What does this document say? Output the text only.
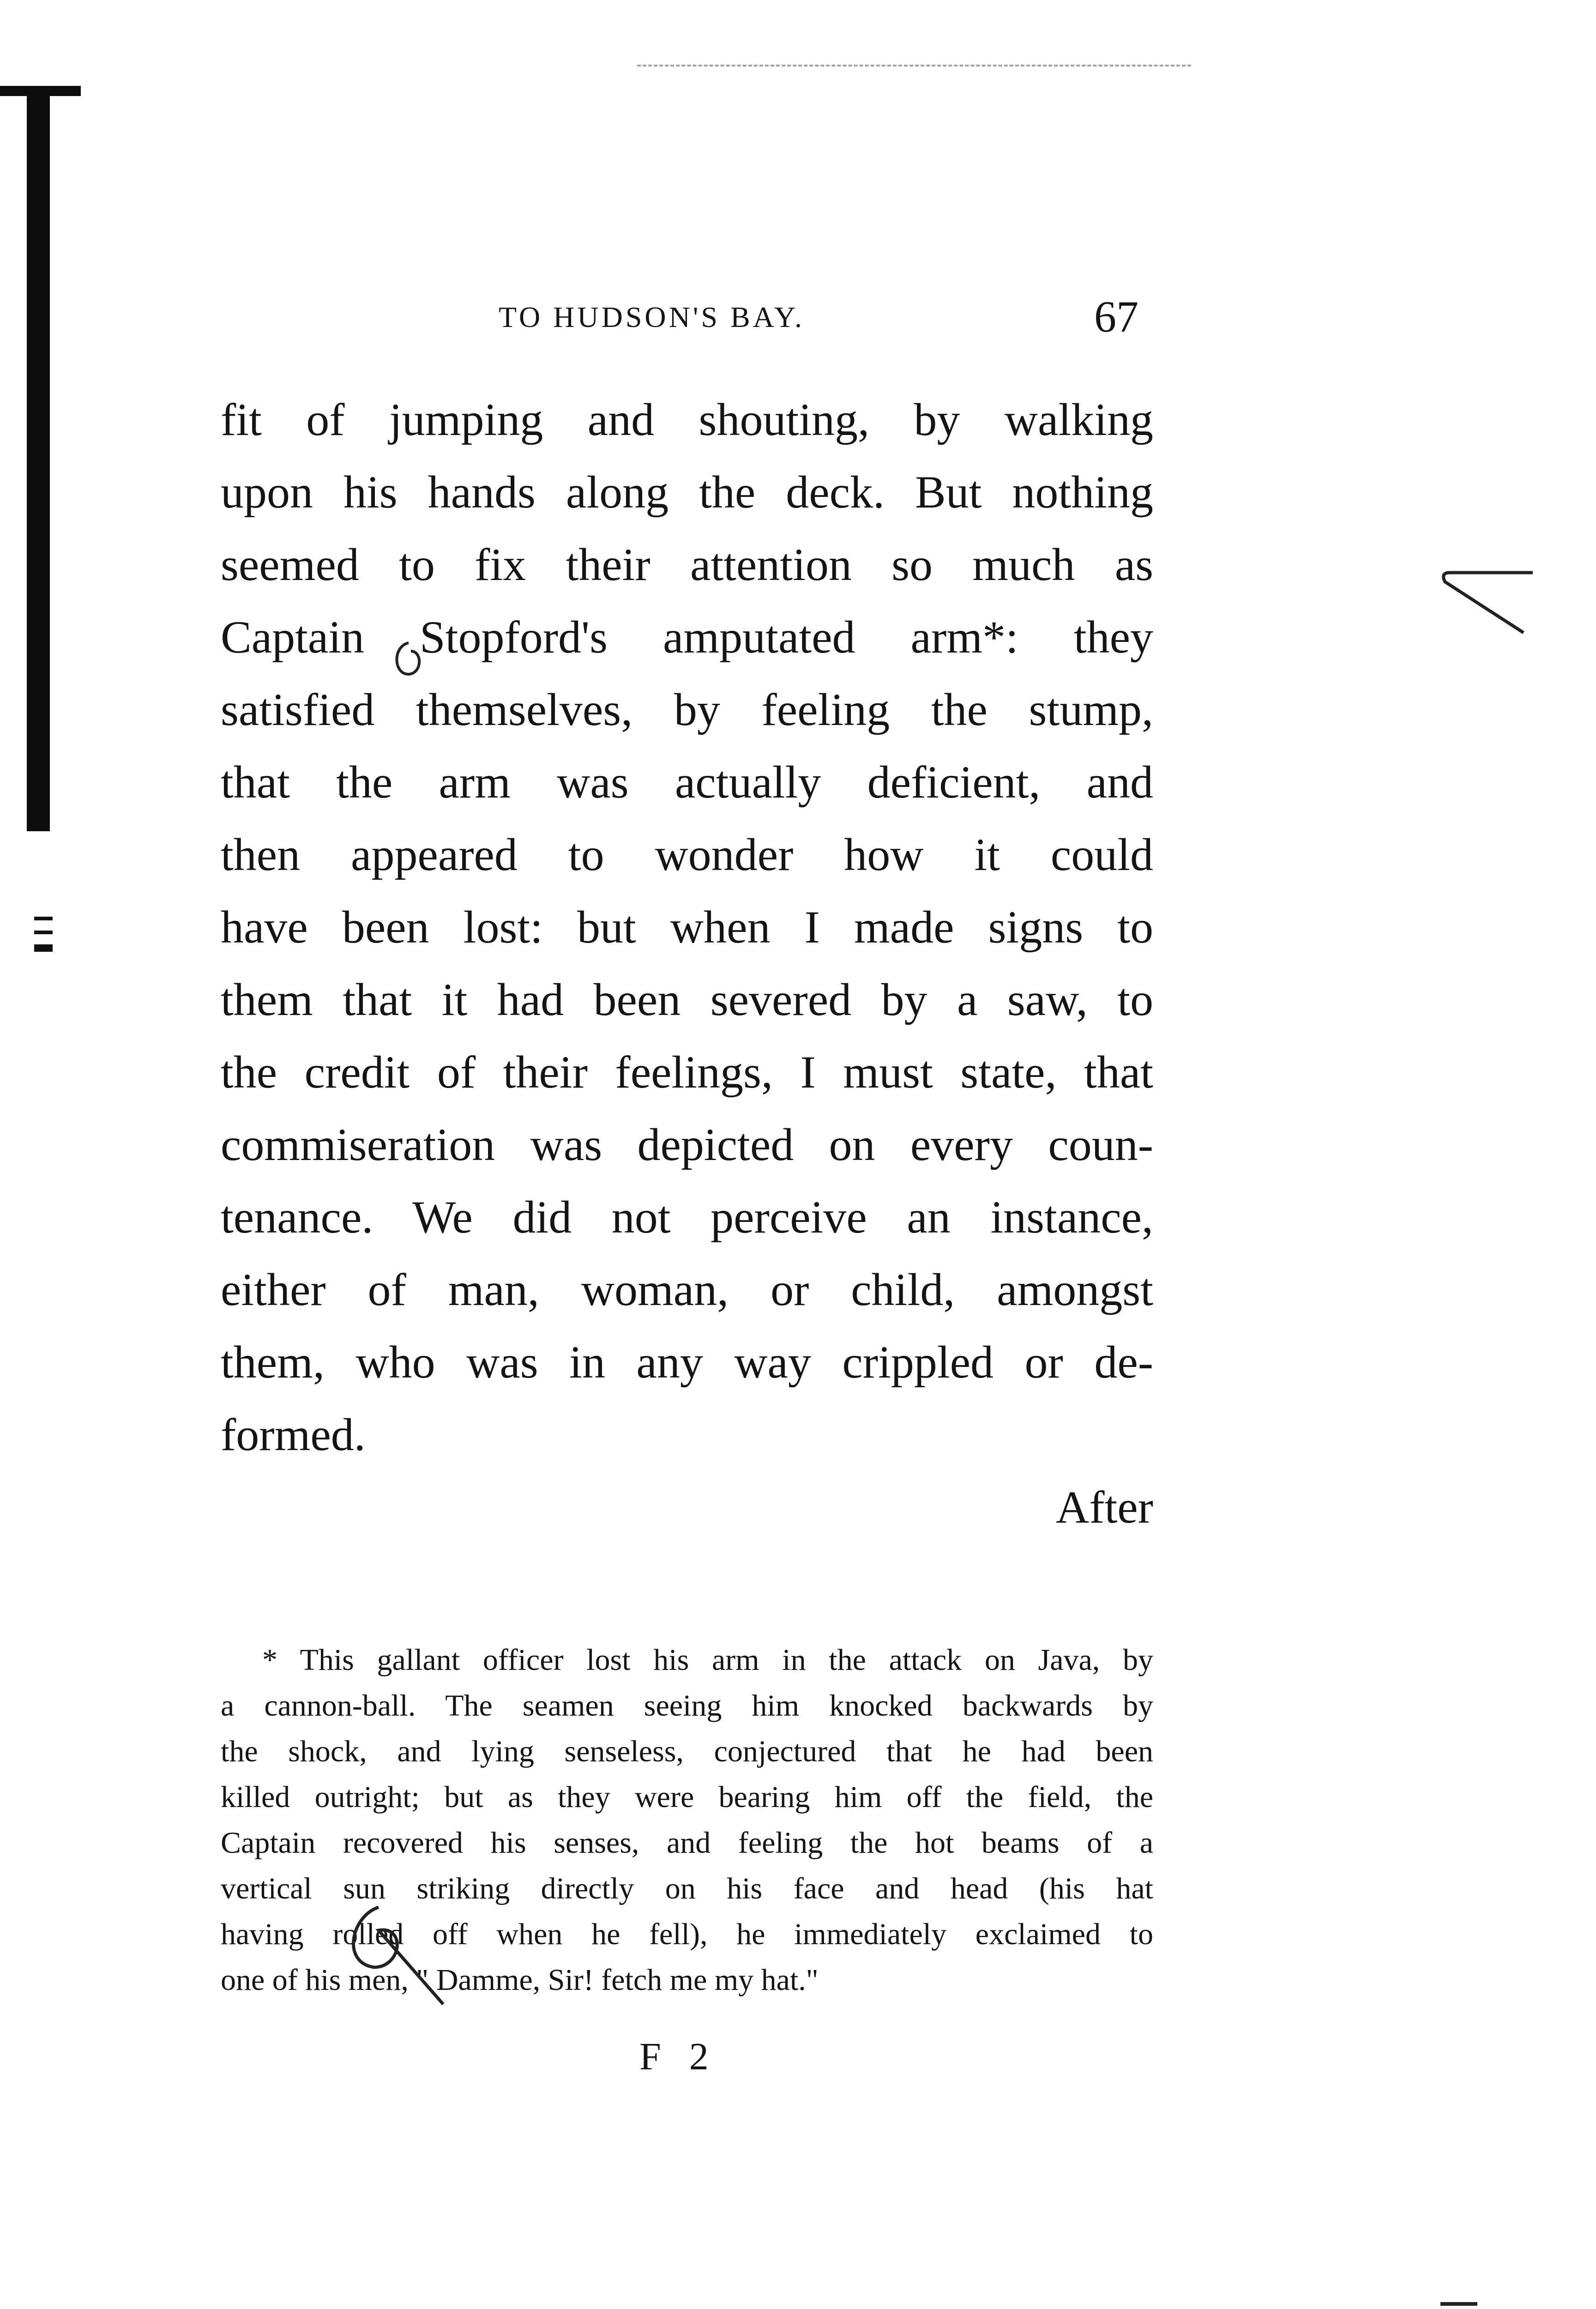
TO HUDSON'S BAY.	67
fit of jumping and shouting, by walking
upon his hands along the deck. But nothing
seemed to fix their attention so much as
Captain Stopford's amputated arm*: they
satisfied themselves, by feeling the stump,
that the arm was actually deficient, and
then appeared to wonder how it could
have been lost: but when I made signs to
them that it had been severed by a saw, to
the credit of their feelings, I must state, that
commiseration was depicted on every coun-
tenance. We did not perceive an instance,
either of man, woman, or child, amongst
them, who was in any way crippled or de-
formed.
After
* This gallant officer lost his arm in the attack on Java, by
a cannon-ball. The seamen seeing him knocked backwards by
the shock, and lying senseless, conjectured that he had been
killed outright; but as they were bearing him off the field, the
Captain recovered his senses, and feeling the hot beams of a
vertical sun striking directly on his face and head (his hat
having rolled off when he fell), he immediately exclaimed to
one of his men, " Damme, Sir! fetch me my hat."
F 2
